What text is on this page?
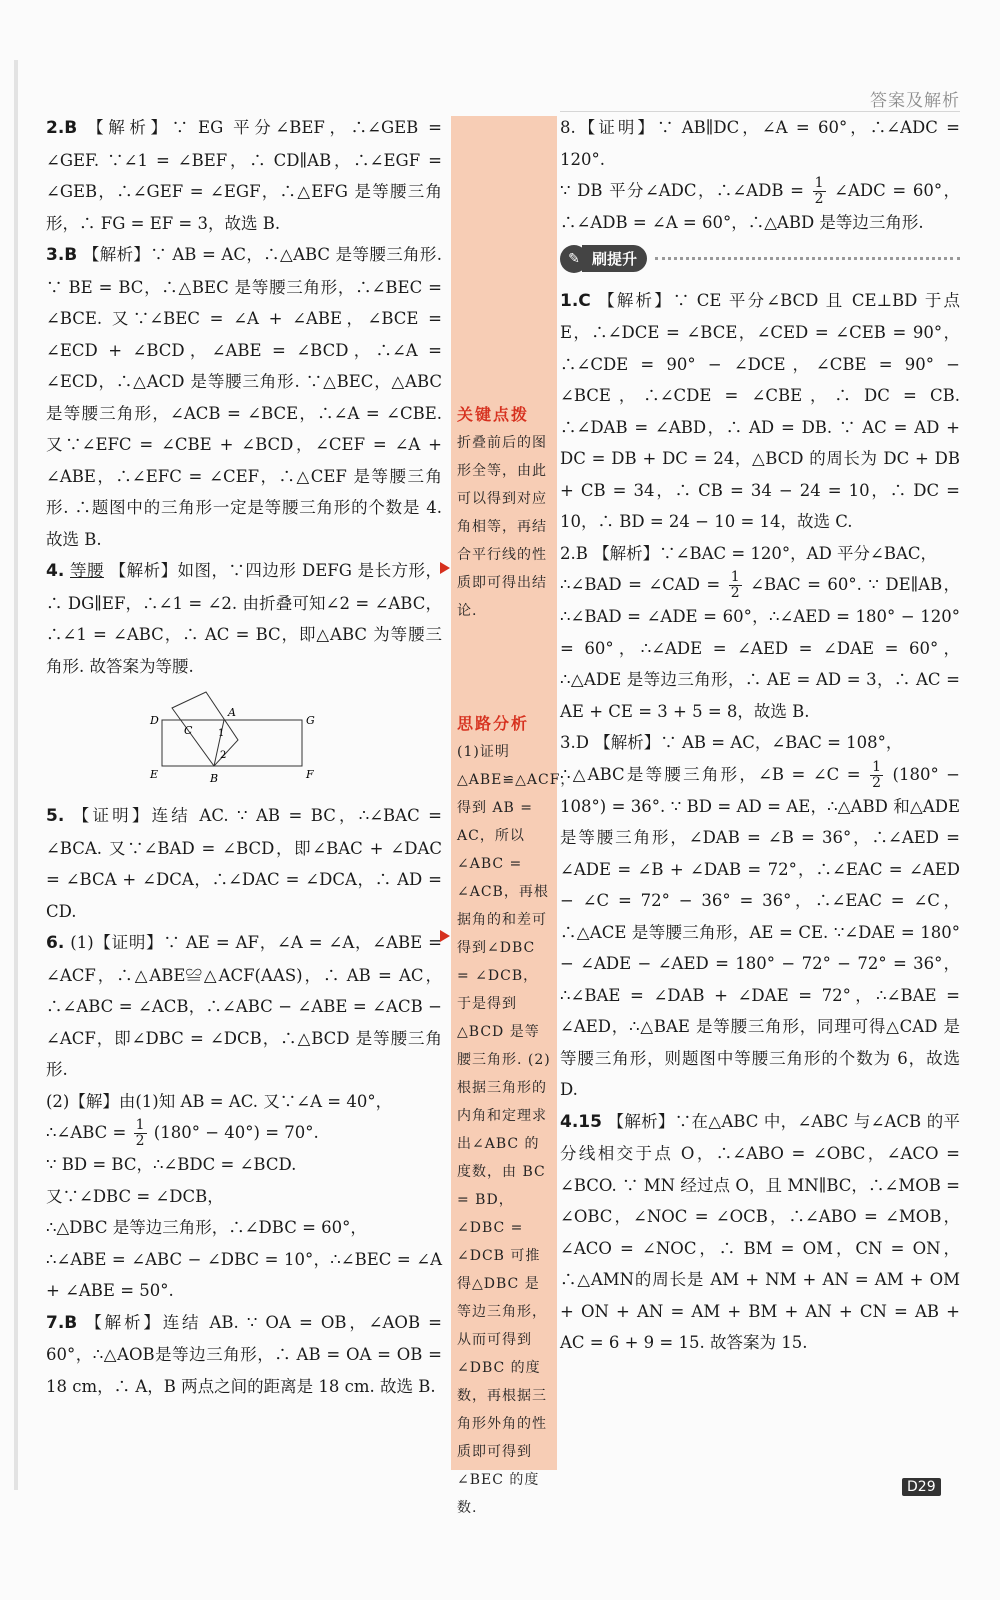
答案及解析
2.B 【解析】∵ EG 平分∠BEF，∴∠GEB = ∠GEF. ∵∠1 = ∠BEF，∴ CD∥AB，∴∠EGF = ∠GEB，∴∠GEF = ∠EGF，∴△EFG 是等腰三角形，∴ FG = EF = 3，故选 B.
3.B 【解析】∵ AB = AC，∴△ABC 是等腰三角形. ∵ BE = BC，∴△BEC 是等腰三角形，∴∠BEC = ∠BCE. 又∵∠BEC = ∠A + ∠ABE，∠BCE = ∠ECD + ∠BCD，∠ABE = ∠BCD，∴∠A = ∠ECD，∴△ACD 是等腰三角形. ∵△BEC，△ABC 是等腰三角形，∠ACB = ∠BCE，∴∠A = ∠CBE. 又∵∠EFC = ∠CBE + ∠BCD，∠CEF = ∠A + ∠ABE，∴∠EFC = ∠CEF，∴△CEF 是等腰三角形. ∴题图中的三角形一定是等腰三角形的个数是 4. 故选 B.
4. 等腰 【解析】如图，∵四边形 DEFG 是长方形，∴ DG∥EF，∴∠1 = ∠2. 由折叠可知∠2 = ∠ABC，∴∠1 = ∠ABC，∴ AC = BC，即△ABC 为等腰三角形. 故答案为等腰.
D
A
G
C	1
2
E	B	F
5. 【证明】连结 AC. ∵ AB = BC，∴∠BAC = ∠BCA. 又∵∠BAD = ∠BCD，即∠BAC + ∠DAC = ∠BCA + ∠DCA，∴∠DAC = ∠DCA，∴ AD = CD.
6. (1)【证明】∵ AE = AF，∠A = ∠A，∠ABE = ∠ACF，∴△ABE≌△ACF(AAS)，∴ AB = AC，∴∠ABC = ∠ACB，∴∠ABC − ∠ABE = ∠ACB − ∠ACF，即∠DBC = ∠DCB，∴△BCD 是等腰三角形.
(2)【解】由(1)知 AB = AC. 又∵∠A = 40°，
∴∠ABC = $\frac{1}{2} (180^\circ - 40^\circ) = 70^\circ$.
∵ BD = BC，∴∠BDC = ∠BCD.
又∵∠DBC = ∠DCB，
∴△DBC 是等边三角形，∴∠DBC = 60°，
∴∠ABE = ∠ABC − ∠DBC = 10°，∴∠BEC = ∠A + ∠ABE = 50°.
7.B 【解析】连结 AB. ∵ OA = OB，∠AOB = 60°，∴△AOB是等边三角形，∴ AB = OA = OB = 18 cm，∴ A，B 两点之间的距离是 18 cm. 故选 B.
关键点拨
折叠前后的图形全等，由此可以得到对应角相等，再结合平行线的性质即可得出结论.
思路分析
(1)证明△ABE≌△ACF，得到 AB = AC，所以∠ABC = ∠ACB，再根据角的和差可得到∠DBC = ∠DCB，于是得到△BCD 是等腰三角形. (2)根据三角形的内角和定理求出∠ABC 的度数，由 BC = BD，∠DBC = ∠DCB 可推得△DBC 是等边三角形，从而可得到∠DBC 的度数，再根据三角形外角的性质即可得到∠BEC 的度数.
8.【证明】∵ AB∥DC，∠A = 60°，∴∠ADC = 120°.
∵ DB 平分∠ADC，∴∠ADB = $\frac{1}{2}$ ∠ADC = 60°，∴∠ADB = ∠A = 60°，∴△ABD 是等边三角形.
✎ 刷提升
1.C 【解析】∵ CE 平分∠BCD 且 CE⊥BD 于点 E，∴∠DCE = ∠BCE，∠CED = ∠CEB = 90°，∴∠CDE = 90° − ∠DCE，∠CBE = 90° − ∠BCE，∴∠CDE = ∠CBE，∴ DC = CB. ∴∠DAB = ∠ABD，∴ AD = DB. ∵ AC = AD + DC = DB + DC = 24，△BCD 的周长为 DC + DB + CB = 34，∴ CB = 34 − 24 = 10，∴ DC = 10，∴ BD = 24 − 10 = 14，故选 C.
2.B 【解析】∵∠BAC = 120°，AD 平分∠BAC，
∴∠BAD = ∠CAD = $\frac{1}{2}$ ∠BAC = 60°. ∵ DE∥AB，∴∠BAD = ∠ADE = 60°，∴∠AED = 180° − 120° = 60°，∴∠ADE = ∠AED = ∠DAE = 60°，∴△ADE 是等边三角形，∴ AE = AD = 3，∴ AC = AE + CE = 3 + 5 = 8，故选 B.
3.D 【解析】∵ AB = AC，∠BAC = 108°，
∴△ABC是等腰三角形，∠B = ∠C = $\frac{1}{2} (180^\circ - 108^\circ) = 36^\circ$. ∵ BD = AD = AE，∴△ABD 和△ADE 是等腰三角形，∠DAB = ∠B = 36°，∴∠AED = ∠ADE = ∠B + ∠DAB = 72°，∴∠EAC = ∠AED − ∠C = 72° − 36° = 36°，∴∠EAC = ∠C，∴△ACE 是等腰三角形，AE = CE. ∵∠DAE = 180° − ∠ADE − ∠AED = 180° − 72° − 72° = 36°，∴∠BAE = ∠DAB + ∠DAE = 72°，∴∠BAE = ∠AED，∴△BAE 是等腰三角形，同理可得△CAD 是等腰三角形，则题图中等腰三角形的个数为 6，故选 D.
4.15 【解析】∵在△ABC 中，∠ABC 与∠ACB 的平分线相交于点 O，∴∠ABO = ∠OBC，∠ACO = ∠BCO. ∵ MN 经过点 O，且 MN∥BC，∴∠MOB = ∠OBC，∠NOC = ∠OCB，∴∠ABO = ∠MOB，∠ACO = ∠NOC，∴ BM = OM，CN = ON，∴△AMN的周长是 AM + NM + AN = AM + OM + ON + AN = AM + BM + AN + CN = AB + AC = 6 + 9 = 15. 故答案为 15.
D29
